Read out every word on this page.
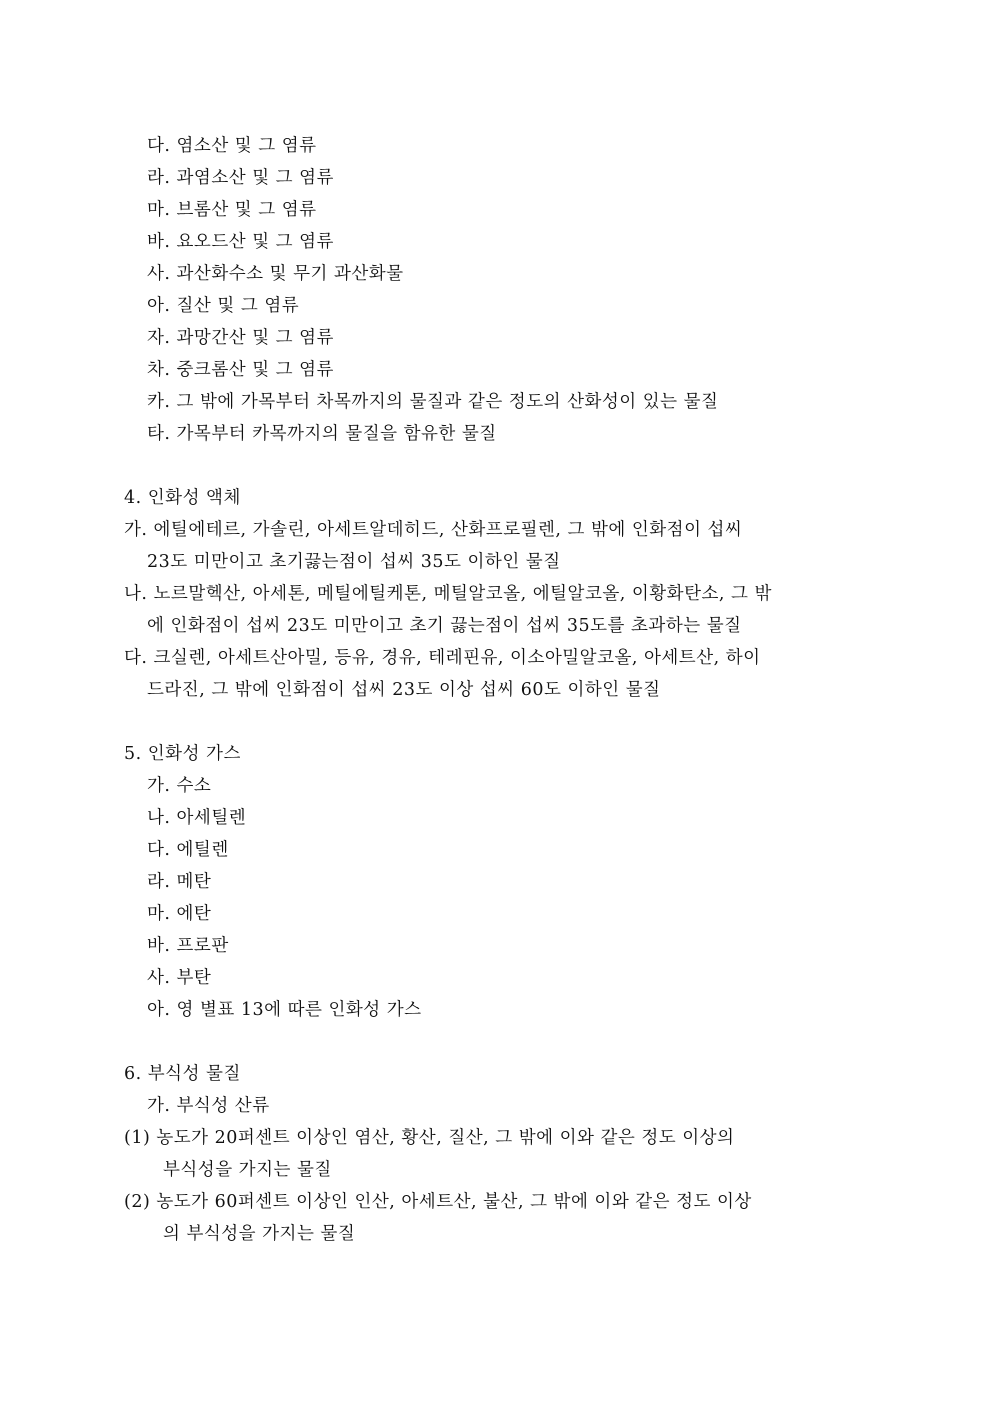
다. 염소산 및 그 염류
라. 과염소산 및 그 염류
마. 브롬산 및 그 염류
바. 요오드산 및 그 염류
사. 과산화수소 및 무기 과산화물
아. 질산 및 그 염류
자. 과망간산 및 그 염류
차. 중크롬산 및 그 염류
카. 그 밖에 가목부터 차목까지의 물질과 같은 정도의 산화성이 있는 물질
타. 가목부터 카목까지의 물질을 함유한 물질
4. 인화성 액체
가. 에틸에테르, 가솔린, 아세트알데히드, 산화프로필렌, 그 밖에 인화점이 섭씨
23도 미만이고 초기끓는점이 섭씨 35도 이하인 물질
나. 노르말헥산, 아세톤, 메틸에틸케톤, 메틸알코올, 에틸알코올, 이황화탄소, 그 밖
에 인화점이 섭씨 23도 미만이고 초기 끓는점이 섭씨 35도를 초과하는 물질
다. 크실렌, 아세트산아밀, 등유, 경유, 테레핀유, 이소아밀알코올, 아세트산, 하이
드라진, 그 밖에 인화점이 섭씨 23도 이상 섭씨 60도 이하인 물질
5. 인화성 가스
가. 수소
나. 아세틸렌
다. 에틸렌
라. 메탄
마. 에탄
바. 프로판
사. 부탄
아. 영 별표 13에 따른 인화성 가스
6. 부식성 물질
가. 부식성 산류
(1) 농도가 20퍼센트 이상인 염산, 황산, 질산, 그 밖에 이와 같은 정도 이상의
부식성을 가지는 물질
(2) 농도가 60퍼센트 이상인 인산, 아세트산, 불산, 그 밖에 이와 같은 정도 이상
의 부식성을 가지는 물질
